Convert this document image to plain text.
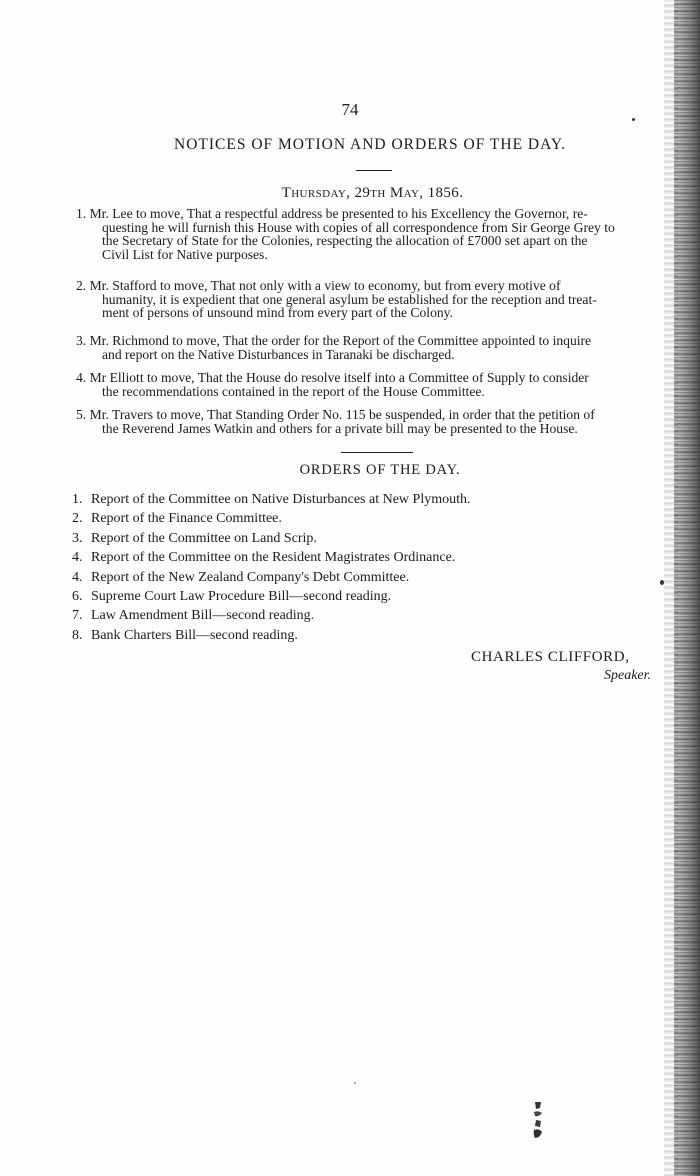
74
NOTICES OF MOTION AND ORDERS OF THE DAY.
Thursday, 29th May, 1856.
1. Mr. Lee to move, That a respectful address be presented to his Excellency the Governor, re-
questing he will furnish this House with copies of all correspondence from Sir George Grey to
the Secretary of State for the Colonies, respecting the allocation of £7000 set apart on the
Civil List for Native purposes.
2. Mr. Stafford to move, That not only with a view to economy, but from every motive of
humanity, it is expedient that one general asylum be established for the reception and treat-
ment of persons of unsound mind from every part of the Colony.
3. Mr. Richmond to move, That the order for the Report of the Committee appointed to inquire
and report on the Native Disturbances in Taranaki be discharged.
4. Mr Elliott to move, That the House do resolve itself into a Committee of Supply to consider
the recommendations contained in the report of the House Committee.
5. Mr. Travers to move, That Standing Order No. 115 be suspended, in order that the petition of
the Reverend James Watkin and others for a private bill may be presented to the House.
ORDERS OF THE DAY.
1. Report of the Committee on Native Disturbances at New Plymouth.
2. Report of the Finance Committee.
3. Report of the Committee on Land Scrip.
4. Report of the Committee on the Resident Magistrates Ordinance.
4. Report of the New Zealand Company's Debt Committee.
6. Supreme Court Law Procedure Bill—second reading.
7. Law Amendment Bill—second reading.
8. Bank Charters Bill—second reading.
CHARLES CLIFFORD,
Speaker.
